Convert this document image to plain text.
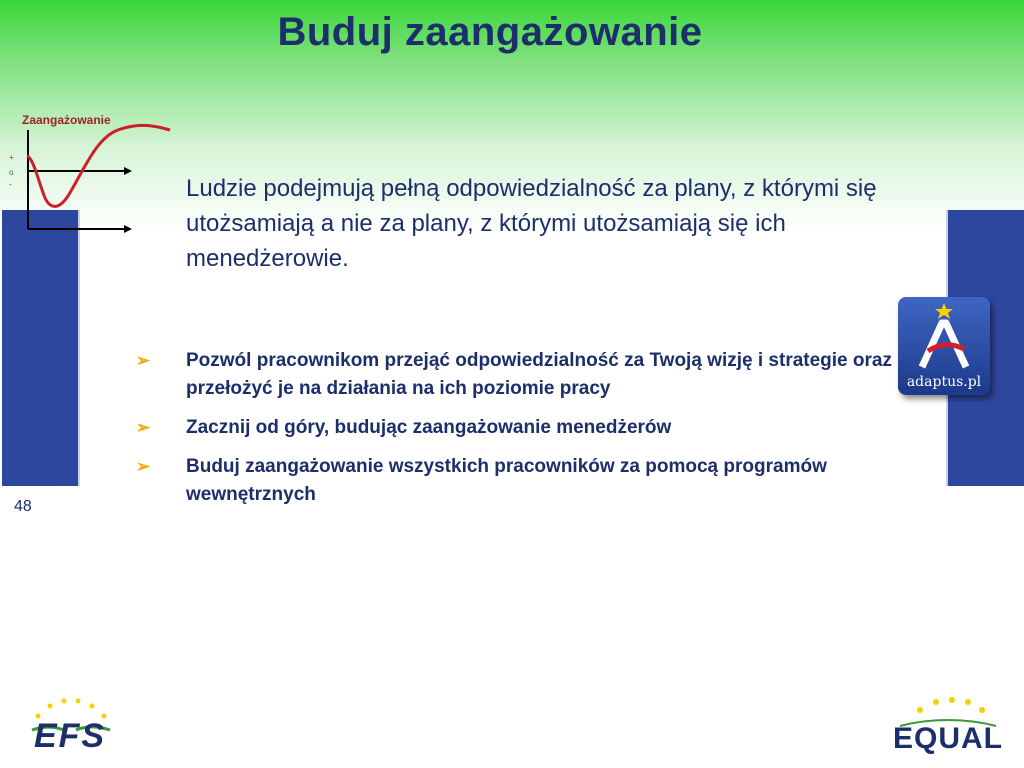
Buduj zaangażowanie
48
Zaangażowanie
+
o
-	Ludzie podejmują pełną odpowiedzialność za plany, z którymi się utożsamiają a nie za plany, z którymi utożsamiają się ich menedżerowie.

➢ Pozwól pracownikom przejąć odpowiedzialność za Twoją wizję i strategie oraz przełożyć je na działania na ich poziomie pracy
➢ Zacznij od góry, budując zaangażowanie menedżerów
➢ Buduj zaangażowanie wszystkich pracowników za pomocą programów wewnętrznych
adaptus.pl
EFS	EQUAL
